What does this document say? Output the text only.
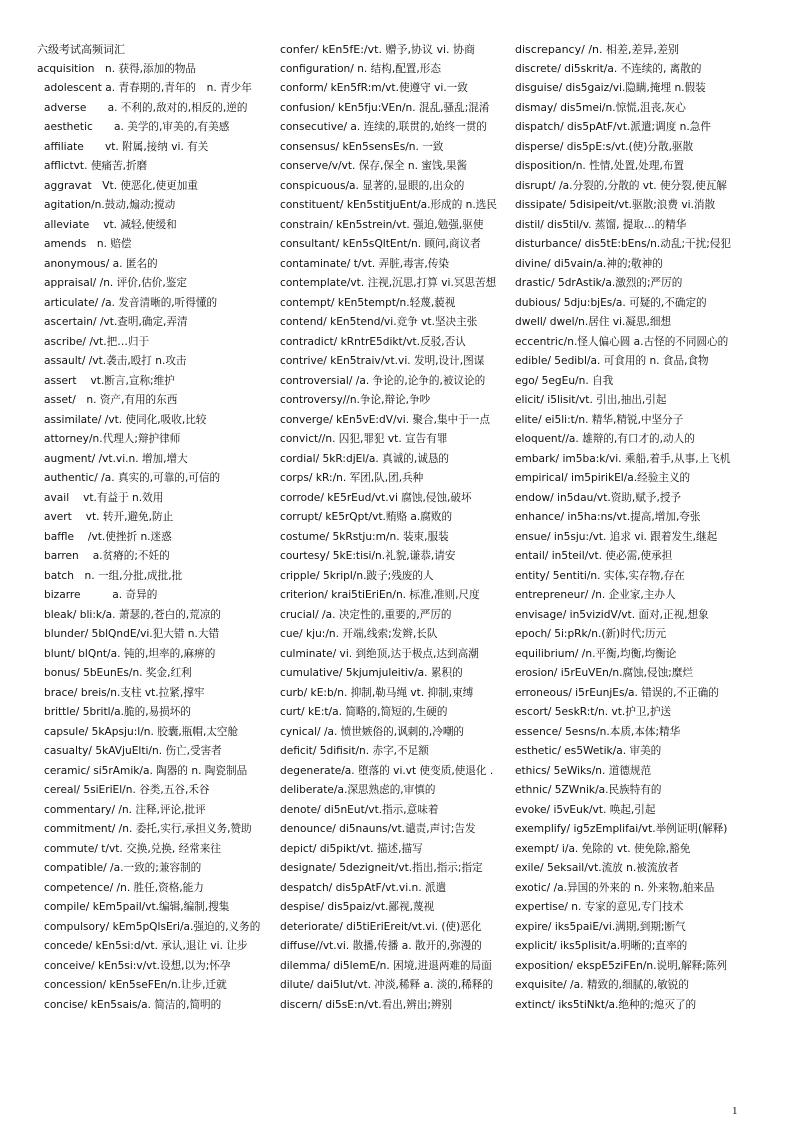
六级考试高频词汇
acquisition　n. 获得,添加的物品
adolescent a. 青春期的,青年的　n. 青少年
adverse　　a. 不利的,敌对的,相反的,逆的
aesthetic　　a. 美学的,审美的,有美感
affiliate　　vt. 附属,接纳 vi. 有关
afflictvt. 使痛苦,折磨
aggravat　Vt. 使恶化,使更加重
agitation/n.鼓动,煽动;搅动
alleviate　 vt. 减轻,使缓和
amends　n. 赔偿
anonymous/ a. 匿名的
appraisal/ /n. 评价,估价,鉴定
articulate/ /a. 发音清晰的,听得懂的
ascertain/ /vt.查明,确定,弄清
ascribe/ /vt.把…归于
assault/ /vt.袭击,殴打 n.攻击
assert　 vt.断言,宣称;维护
asset/　n. 资产,有用的东西
assimilate/ /vt. 使同化,吸收,比较
attorney/n.代理人;辩护律师
augment/ /vt.vi.n. 增加,增大
authentic/ /a. 真实的,可靠的,可信的
avail　 vt.有益于 n.效用
avert　 vt. 转开,避免,防止
baffle　 /vt.使挫折 n.迷惑
barren　 a.贫瘠的;不妊的
batch　n. 一组,分批,成批,批
bizarre　　　a. 奇异的
bleak/ bli:k/a. 萧瑟的,苍白的,荒凉的
blunder/ 5blQndE/vi.犯大错 n.大错
blunt/ blQnt/a. 钝的,坦率的,麻痹的
bonus/ 5bEunEs/n. 奖金,红利
brace/ breis/n.支柱 vt.拉紧,撑牢
brittle/ 5britl/a.脆的,易损坏的
capsule/ 5kApsju:l/n. 胶囊,瓶帽,太空舱
casualty/ 5kAVjuElti/n. 伤亡,受害者
ceramic/ si5rAmik/a. 陶器的 n. 陶瓷制品
cereal/ 5siEriEl/n. 谷类,五谷,禾谷
commentary/ /n. 注释,评论,批评
commitment/ /n. 委托,实行,承担义务,赞助
commute/ t/vt. 交换,兑换, 经常来往
compatible/ /a.一致的;兼容制的
competence/ /n. 胜任,资格,能力
compile/ kEm5pail/vt.编辑,编制,搜集
compulsory/ kEm5pQlsEri/a.强迫的,义务的
concede/ kEn5si:d/vt. 承认,退让 vi. 让步
conceive/ kEn5si:v/vt.设想,以为;怀孕
concession/ kEn5seFEn/n.让步,迁就
concise/ kEn5sais/a. 简洁的,简明的
confer/ kEn5fE:/vt. 赠予,协议 vi. 协商
configuration/ n. 结构,配置,形态
conform/ kEn5fR:m/vt.使遵守 vi.一致
confusion/ kEn5fju:VEn/n. 混乱,骚乱;混淆
consecutive/ a. 连续的,联贯的,始终一贯的
consensus/ kEn5sensEs/n. 一致
conserve/v/vt. 保存,保全 n. 蜜饯,果酱
conspicuous/a. 显著的,显眼的,出众的
constituent/ kEn5stitjuEnt/a.形成的 n.选民
constrain/ kEn5strein/vt. 强迫,勉强,驱使
consultant/ kEn5sQltEnt/n. 顾问,商议者
contaminate/ t/vt. 弄脏,毒害,传染
contemplate/vt. 注视,沉思,打算 vi.冥思苦想
contempt/ kEn5tempt/n.轻蔑,藐视
contend/ kEn5tend/vi.竞争 vt.坚决主张
contradict/ kRntrE5dikt/vt.反驳,否认
contrive/ kEn5traiv/vt.vi. 发明,设计,图谋
controversial/ /a. 争论的,论争的,被议论的
controversy//n.争论,辩论,争吵
converge/ kEn5vE:dV/vi. 聚合,集中于一点
convict//n. 囚犯,罪犯 vt. 宣告有罪
cordial/ 5kR:djEl/a. 真诚的,诚恳的
corps/ kR:/n. 军团,队,团,兵种
corrode/ kE5rEud/vt.vi 腐蚀,侵蚀,破坏
corrupt/ kE5rQpt/vt.贿赂 a.腐败的
costume/ 5kRstju:m/n. 装束,服装
courtesy/ 5kE:tisi/n.礼貌,谦恭,请安
cripple/ 5kripl/n.跛子;残废的人
criterion/ krai5tiEriEn/n. 标准,准则,尺度
crucial/ /a. 决定性的,重要的,严厉的
cue/ kju:/n. 开端,线索;发辫,长队
culminate/ vi. 到绝顶,达于极点,达到高潮
cumulative/ 5kjumjuleitiv/a. 累积的
curb/ kE:b/n. 抑制,勒马绳 vt. 抑制,束缚
curt/ kE:t/a. 简略的,简短的,生硬的
cynical/ /a. 愤世嫉俗的,讽刺的,冷嘲的
deficit/ 5difisit/n. 赤字,不足额
degenerate/a. 堕落的 vi.vt 使变质,使退化 .
deliberate/a.深思熟虑的,审慎的
denote/ di5nEut/vt.指示,意味着
denounce/ di5nauns/vt.谴责,声讨;告发
depict/ di5pikt/vt. 描述,描写
designate/ 5dezigneit/vt.指出,指示;指定
despatch/ dis5pAtF/vt.vi.n. 派遣
despise/ dis5paiz/vt.鄙视,蔑视
deteriorate/ di5tiEriEreit/vt.vi. (使)恶化
diffuse//vt.vi. 散播,传播 a. 散开的,弥漫的
dilemma/ di5lemE/n. 困境,进退两难的局面
dilute/ dai5lut/vt. 冲淡,稀释 a. 淡的,稀释的
discern/ di5sE:n/vt.看出,辨出;辨别
discrepancy/ /n. 相差,差异,差别
discrete/ di5skrit/a. 不连续的, 离散的
disguise/ dis5gaiz/vi.隐瞒,掩埋 n.假装
dismay/ dis5mei/n.惊慌,沮丧,灰心
dispatch/ dis5pAtF/vt.派遣;调度 n.急件
disperse/ dis5pE:s/vt.(使)分散,驱散
disposition/n. 性情,处置,处理,布置
disrupt/ /a.分裂的,分散的 vt. 使分裂,使瓦解
dissipate/ 5disipeit/vt.驱散;浪费 vi.消散
distil/ dis5til/v. 蒸馏, 提取…的精华
disturbance/ dis5tE:bEns/n.动乱;干扰;侵犯
divine/ di5vain/a.神的;敬神的
drastic/ 5drAstik/a.激烈的;严厉的
dubious/ 5dju:bjEs/a. 可疑的,不确定的
dwell/ dwel/n.居住 vi.凝思,细想
eccentric/n.怪人偏心圆 a.古怪的不同圆心的
edible/ 5edibl/a. 可食用的 n. 食品,食物
ego/ 5egEu/n. 自我
elicit/ i5lisit/vt. 引出,抽出,引起
elite/ ei5li:t/n. 精华,精锐,中坚分子
eloquent//a. 雄辩的,有口才的,动人的
embark/ im5ba:k/vi. 乘船,着手,从事,上飞机
empirical/ im5pirikEl/a.经验主义的
endow/ in5dau/vt.资助,赋予,授予
enhance/ in5ha:ns/vt.提高,增加,夸张
ensue/ in5sju:/vt. 追求 vi. 跟着发生,继起
entail/ in5teil/vt. 使必需,使承担
entity/ 5entiti/n. 实体,实存物,存在
entrepreneur/ /n. 企业家,主办人
envisage/ in5vizidV/vt. 面对,正视,想象
epoch/ 5i:pRk/n.(新)时代;历元
equilibrium/ /n.平衡,均衡,均衡论
erosion/ i5rEuVEn/n.腐蚀,侵蚀;糜烂
erroneous/ i5rEunjEs/a. 错误的,不正确的
escort/ 5eskR:t/n. vt.护卫,护送
essence/ 5esns/n.本质,本体;精华
esthetic/ es5Wetik/a. 审美的
ethics/ 5eWiks/n. 道德规范
ethnic/ 5ZWnik/a.民族特有的
evoke/ i5vEuk/vt. 唤起,引起
exemplify/ ig5zEmplifai/vt.举例证明(解释)
exempt/ i/a. 免除的 vt. 使免除,豁免
exile/ 5eksail/vt.流放 n.被流放者
exotic/ /a.异国的外来的 n. 外来物,舶来品
expertise/ n. 专家的意见,专门技术
expire/ iks5paiE/vi.满期,到期;断气
explicit/ iks5plisit/a.明晰的;直率的
exposition/ ekspE5ziFEn/n.说明,解释;陈列
exquisite/ /a. 精致的,细腻的,敏锐的
extinct/ iks5tiNkt/a.绝种的;熄灭了的
1
